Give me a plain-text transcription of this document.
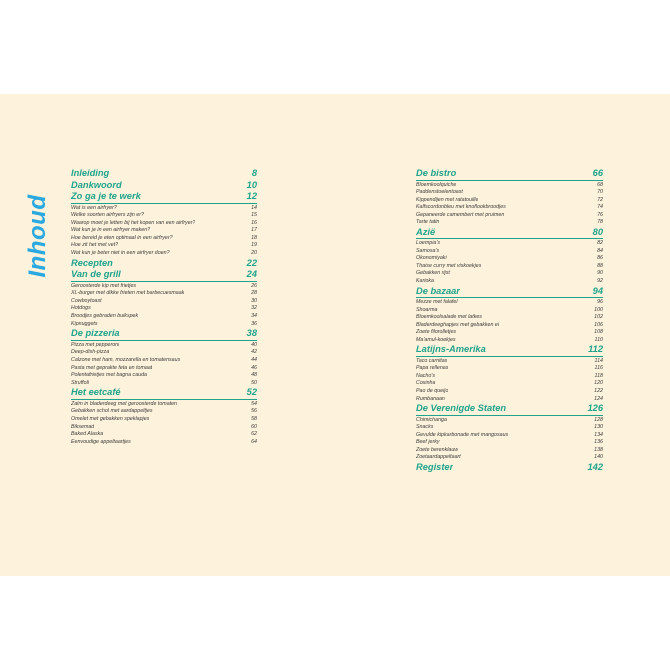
Inhoud
Inleiding	8
Dankwoord	10
Zo ga je te werk	12
Wat is een airfryer?	14
Welke soorten airfryers zijn er?	15
Waarop moet je letten bij het kopen van een airfryer?	16
Wat kun je in een airfryer maken?	17
Hoe bereid je eten optimaal in een airfryer?	18
Hoe zit het met vet?	19
Wat kun je beter niet in een airfryer doen?	20
Recepten	22
Van de grill	24
Geroosterde kip met frietjes	26
XL-burger met dikke frieten met barbecuesmaak	28
Cowboytoast	30
Hotdogs	32
Broodjes gebraden buikspek	34
Kipnuggets	36
De pizzeria	38
Pizza met pepperoni	40
Deep-dish-pizza	42
Calzone met ham, mozzarella en tomatensaus	44
Pasta met geprakte feta en tomaat	46
Polentafrietjes met bagna cauda	48
Struffoli	50
Het eetcafé	52
Zalm in bladerdeeg met geroosterde tomaten	54
Gebakken schol met aardappeltjes	56
Omelet met gebakken speklapjes	58
Biksemad	60
Baked Alaska	62
Eenvoudige appeltaartjes	64
De bistro	66
Bloemkoolquiche	68
Paddenstoelentoast	70
Kippendijen met ratatouille	72
Kalfscordonbleu met knoflookbroodjes	74
Gepaneerde camembert met pruimen	76
Tarte tatin	78
Azië	80
Loempia's	82
Samosa's	84
Okonomiyaki	86
Thaise curry met viskoekjes	88
Gebakken rijst	90
Karioka	92
De bazaar	94
Mezze met falafel	96
Shoarma	100
Bloemkoolsalade met latkes	102
Bladerdeeghapjes met gebakken ei	106
Zoete filorolletjes	108
Ma'amul-koekjes	110
Latijns-Amerika	112
Taco carnitas	114
Papa rellenas	116
Nacho's	118
Coxinha	120
Pao de queijo	122
Rumbanaan	124
De Verenigde Staten	126
Chimichanga	128
Snacks	130
Gevulde kipkarbonade met mangosaus	134
Beef jerky	136
Zoete berenklauw	138
Zoetaardappeltaart	140
Register	142
